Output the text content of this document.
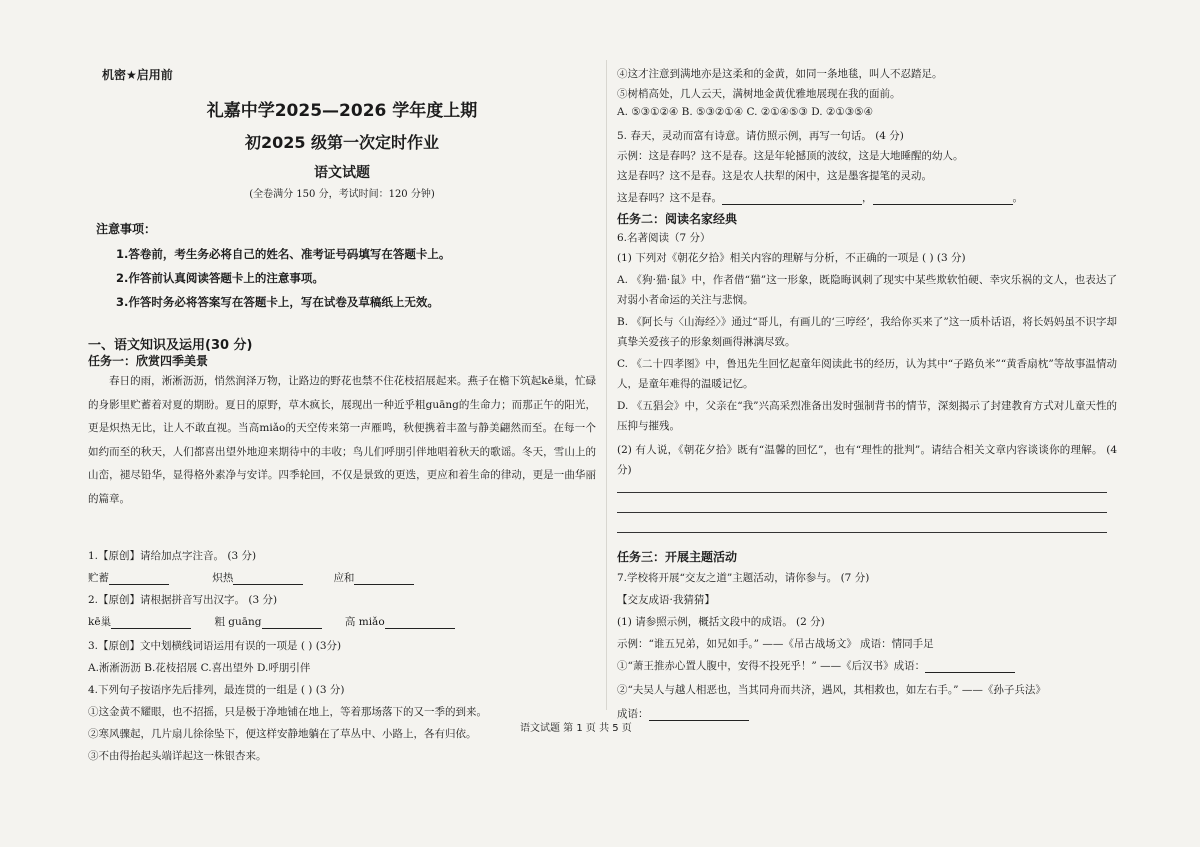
机密★启用前
礼嘉中学2025—2026 学年度上期
初2025 级第一次定时作业
语文试题
(全卷满分 150 分，考试时间：120 分钟)
注意事项：
1.答卷前，考生务必将自己的姓名、准考证号码填写在答题卡上。
2.作答前认真阅读答题卡上的注意事项。
3.作答时务必将答案写在答题卡上，写在试卷及草稿纸上无效。
一、语文知识及运用(30 分)
任务一：欣赏四季美景
春日的雨，淅淅沥沥，悄然润泽万物，让路边的野花也禁不住花枝招展起来。燕子在檐下筑起kē巢，忙碌的身影里贮蓄着对夏的期盼。夏日的原野，草木疯长，展现出一种近乎粗guāng的生命力；而那正午的阳光，更是炽热无比，让人不敢直视。当高miǎo的天空传来第一声雁鸣，秋便携着丰盈与静美翩然而至。在每一个如约而至的秋天，人们都喜出望外地迎来期待中的丰收；鸟儿们呼朋引伴地唱着秋天的歌谣。冬天，雪山上的山峦，褪尽铅华，显得格外素净与安详。四季轮回，不仅是景致的更迭，更应和着生命的律动，更是一曲华丽的篇章。
1.【原创】请给加点字注音。 (3 分)
贮蓄	炽热	应和
2.【原创】请根据拼音写出汉字。 (3 分)
kē巢	粗 guāng	高 miǎo
3.【原创】文中划横线词语运用有误的一项是 ( ) (3分)
A.淅淅沥沥 B.花枝招展 C.喜出望外 D.呼朋引伴
4.下列句子按语序先后排列，最连贯的一组是 ( ) (3 分)
①这金黄不耀眼，也不招摇，只是极于净地铺在地上，等着那场落下的又一季的到来。
②寒风骤起，几片扇儿徐徐坠下，便这样安静地躺在了草丛中、小路上，各有归依。
③不由得抬起头端详起这一株银杏来。
④这才注意到满地亦是这柔和的金黄，如同一条地毯，叫人不忍踏足。
⑤树梢高处，几人云天，满树地金黄优雅地展现在我的面前。
A. ⑤③①②④ B. ⑤③②①④ C. ②①④⑤③ D. ②①③⑤④
5. 春天，灵动而富有诗意。请仿照示例，再写一句话。 (4 分)
示例：这是春吗？这不是春。这是年轮撼顶的波纹，这是大地睡醒的幼人。
这是春吗？这不是春。这是农人扶犁的闲中，这是墨客提笔的灵动。
这是春吗？这不是春。	，	。
任务二：阅读名家经典
6.名著阅读（7 分）
(1) 下列对《朝花夕拾》相关内容的理解与分析，不正确的一项是 ( ) (3 分)
A. 《狗·猫·鼠》中，作者借“猫”这一形象，既隐晦讽刺了现实中某些欺软怕硬、幸灾乐祸的文人，也表达了对弱小者命运的关注与悲悯。
B. 《阿长与〈山海经〉》通过“哥儿，有画儿的‘三哼经’，我给你买来了”这一质朴话语，将长妈妈虽不识字却真挚关爱孩子的形象刻画得淋漓尽致。
C. 《二十四孝图》中，鲁迅先生回忆起童年阅读此书的经历，认为其中“子路负米”“黄香扇枕”等故事温情动人，是童年难得的温暖记忆。
D. 《五猖会》中，父亲在“我”兴高采烈准备出发时强制背书的情节，深刻揭示了封建教育方式对儿童天性的压抑与摧残。
(2) 有人说，《朝花夕拾》既有“温馨的回忆”，也有“理性的批判”。请结合相关文章内容谈谈你的理解。 (4分)
任务三：开展主题活动
7.学校将开展“交友之道”主题活动，请你参与。 (7 分)
【交友成语·我猜猜】
(1) 请参照示例，概括文段中的成语。 (2 分)
示例：“谁五兄弟，如兄如手。” ——《吊古战场文》 成语：情同手足
①“萧王推赤心置人腹中，安得不投死乎！” ——《后汉书》成语：
②“夫吴人与越人相恶也，当其同舟而共济，遇风，其相救也，如左右手。” ——《孙子兵法》
成语：
语文试题 第 1 页 共 5 页
